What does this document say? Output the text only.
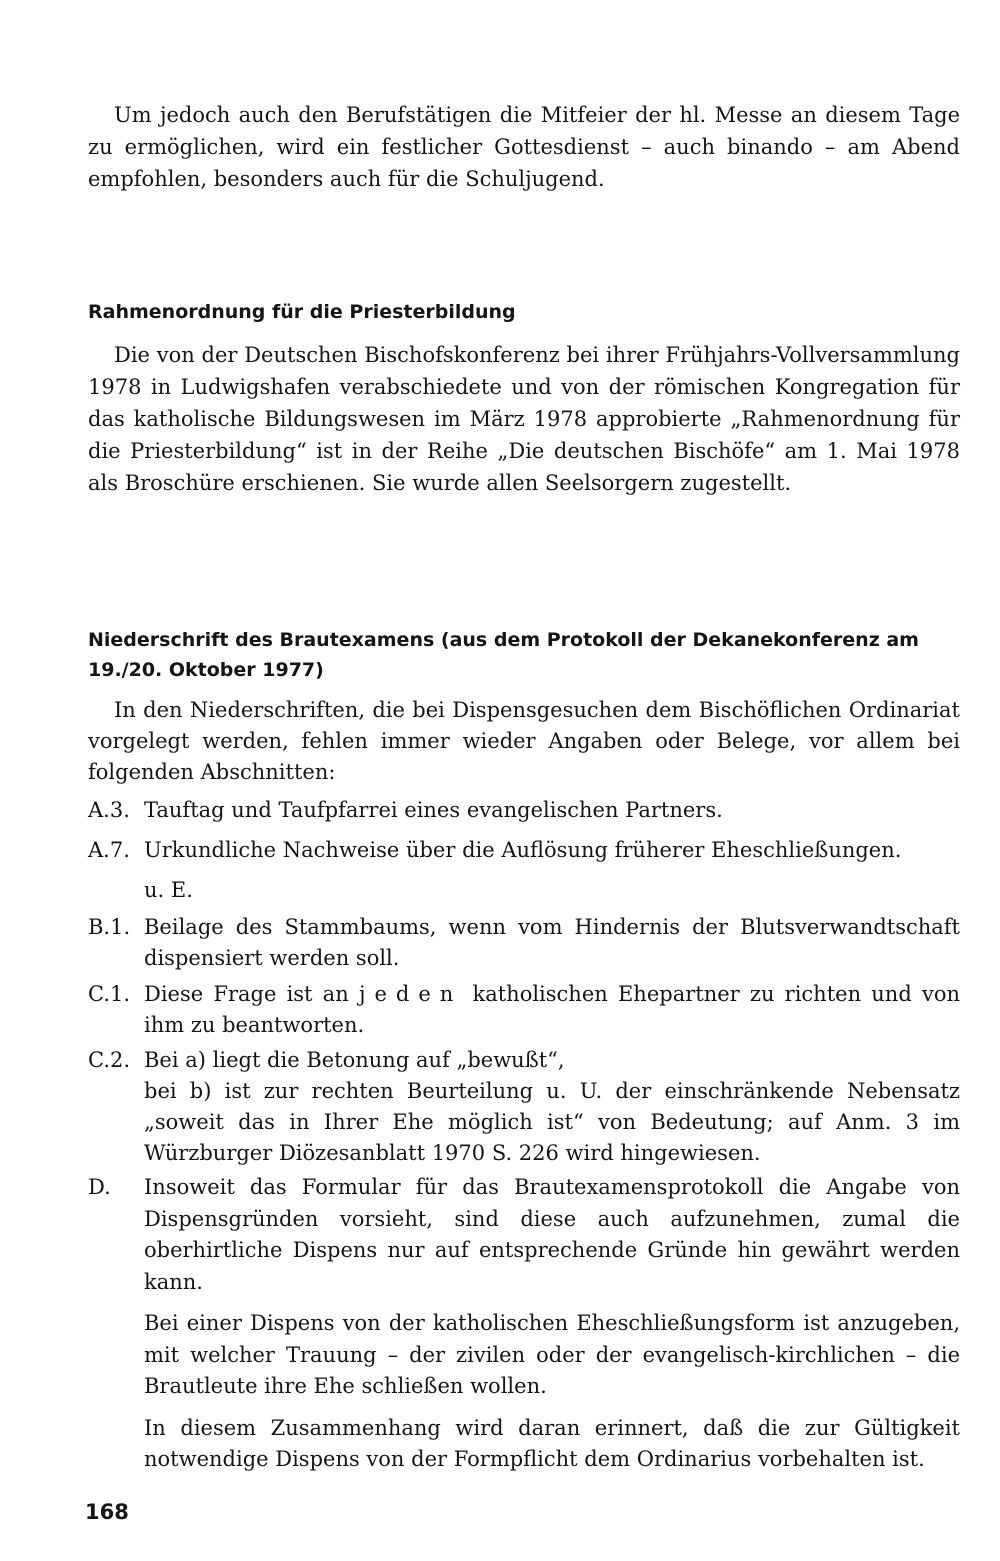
Um jedoch auch den Berufstätigen die Mitfeier der hl. Messe an diesem Tage zu ermöglichen, wird ein festlicher Gottesdienst – auch binando – am Abend empfohlen, besonders auch für die Schuljugend.

Rahmenordnung für die Priesterbildung

Die von der Deutschen Bischofskonferenz bei ihrer Frühjahrs-Vollversammlung 1978 in Ludwigshafen verabschiedete und von der römischen Kongregation für das katholische Bildungswesen im März 1978 approbierte „Rahmenordnung für die Priesterbildung“ ist in der Reihe „Die deutschen Bischöfe“ am 1. Mai 1978 als Broschüre erschienen. Sie wurde allen Seelsorgern zugestellt.

Niederschrift des Brautexamens (aus dem Protokoll der Dekanekonferenz am 19./20. Oktober 1977)

In den Niederschriften, die bei Dispensgesuchen dem Bischöflichen Ordinariat vorgelegt werden, fehlen immer wieder Angaben oder Belege, vor allem bei folgenden Abschnitten:

A.3. Tauftag und Taufpfarrei eines evangelischen Partners.
A.7. Urkundliche Nachweise über die Auflösung früherer Eheschließungen.
u. E.
B.1. Beilage des Stammbaums, wenn vom Hindernis der Blutsverwandtschaft dispensiert werden soll.
C.1. Diese Frage ist an jeden katholischen Ehepartner zu richten und von ihm zu beantworten.
C.2. Bei a) liegt die Betonung auf „bewußt“,
bei b) ist zur rechten Beurteilung u. U. der einschränkende Nebensatz „soweit das in Ihrer Ehe möglich ist“ von Bedeutung; auf Anm. 3 im Würzburger Diözesanblatt 1970 S. 226 wird hingewiesen.
D.	Insoweit das Formular für das Brautexamensprotokoll die Angabe von Dispensgründen vorsieht, sind diese auch aufzunehmen, zumal die oberhirtliche Dispens nur auf entsprechende Gründe hin gewährt werden kann.
Bei einer Dispens von der katholischen Eheschließungsform ist anzugeben, mit welcher Trauung – der zivilen oder der evangelisch-kirchlichen – die Brautleute ihre Ehe schließen wollen.
In diesem Zusammenhang wird daran erinnert, daß die zur Gültigkeit notwendige Dispens von der Formpflicht dem Ordinarius vorbehalten ist.
168
